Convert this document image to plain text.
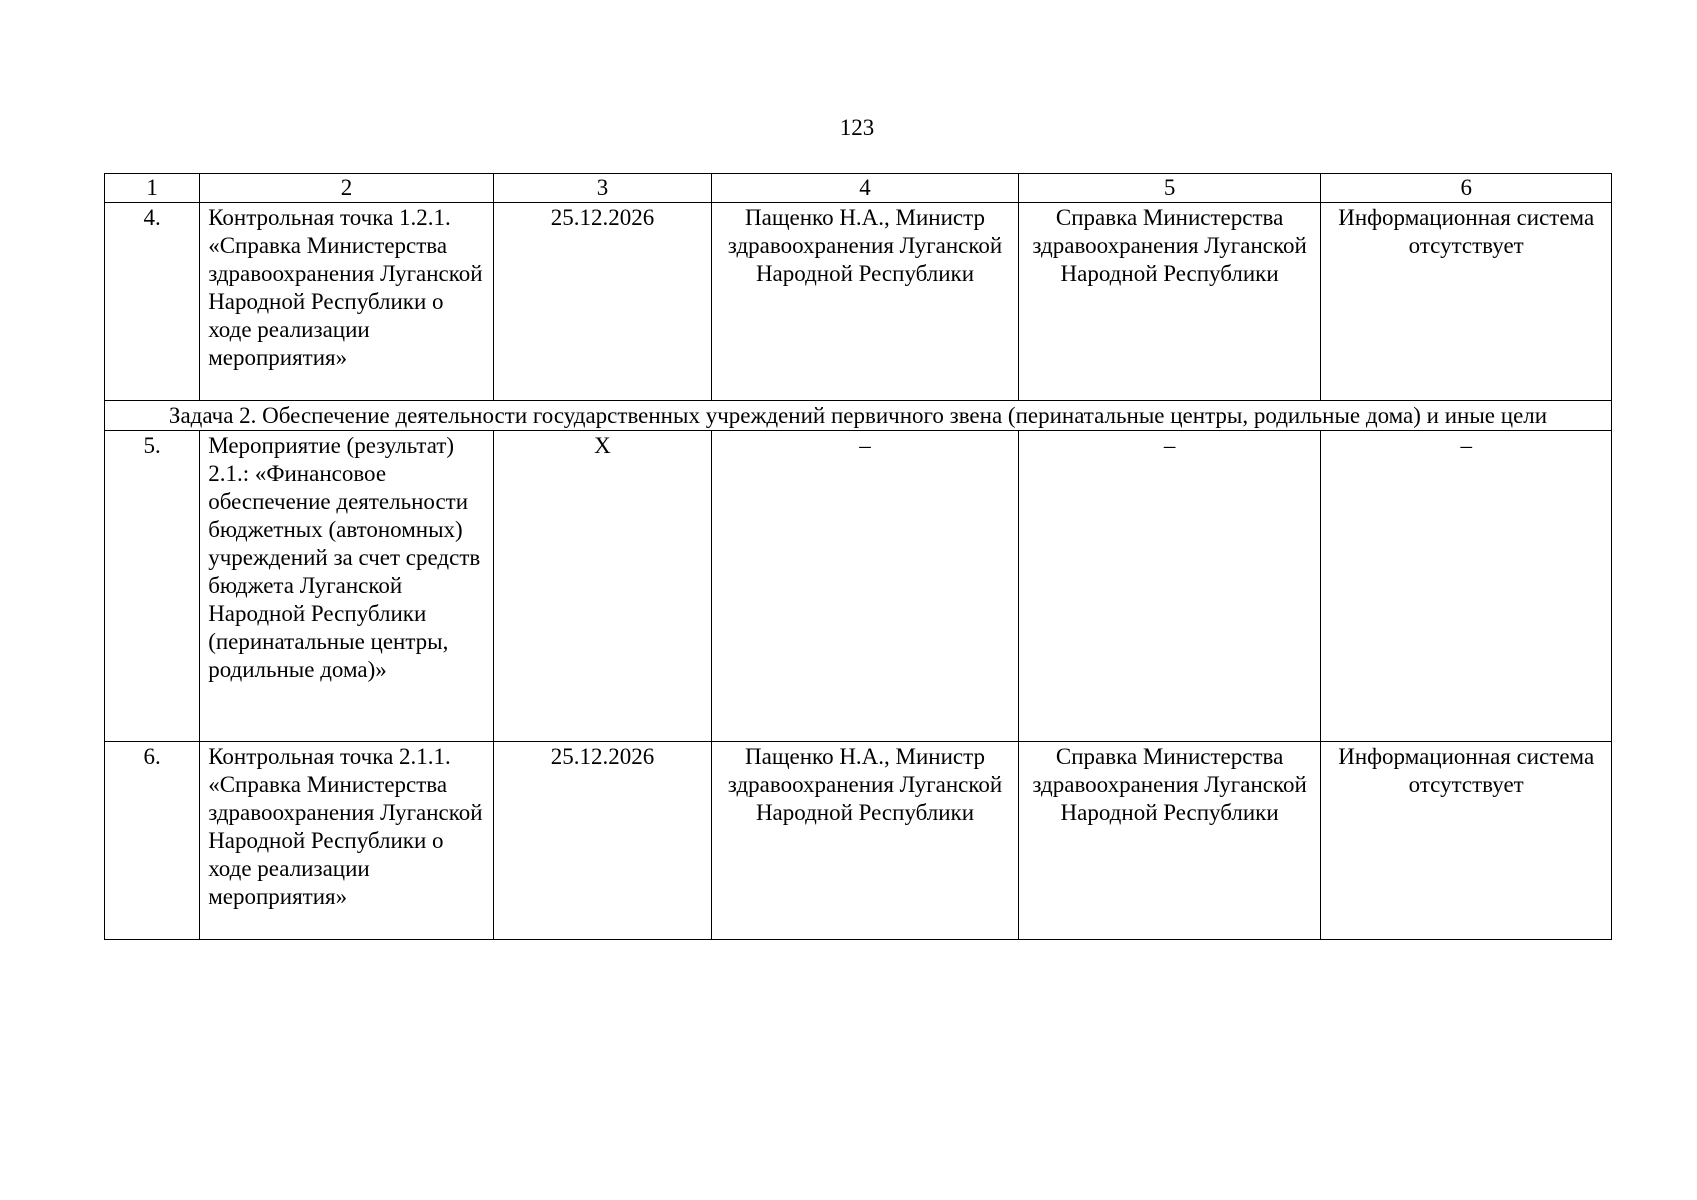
123
1	2	3	4	5	6
4.	Контрольная точка 1.2.1. «Справка Министерства здравоохранения Луганской Народной Республики о ходе реализации мероприятия»	25.12.2026	Пащенко Н.А., Министр здравоохранения Луганской Народной Республики	Справка Министерства здравоохранения Луганской Народной Республики	Информационная система отсутствует
Задача 2. Обеспечение деятельности государственных учреждений первичного звена (перинатальные центры, родильные дома) и иные цели					
5.	Мероприятие (результат) 2.1.: «Финансовое обеспечение деятельности бюджетных (автономных) учреждений за счет средств бюджета Луганской Народной Республики (перинатальные центры, родильные дома)»	X	–	–	–
6.	Контрольная точка 2.1.1. «Справка Министерства здравоохранения Луганской Народной Республики о ходе реализации мероприятия»	25.12.2026	Пащенко Н.А., Министр здравоохранения Луганской Народной Республики	Справка Министерства здравоохранения Луганской Народной Республики	Информационная система отсутствует
